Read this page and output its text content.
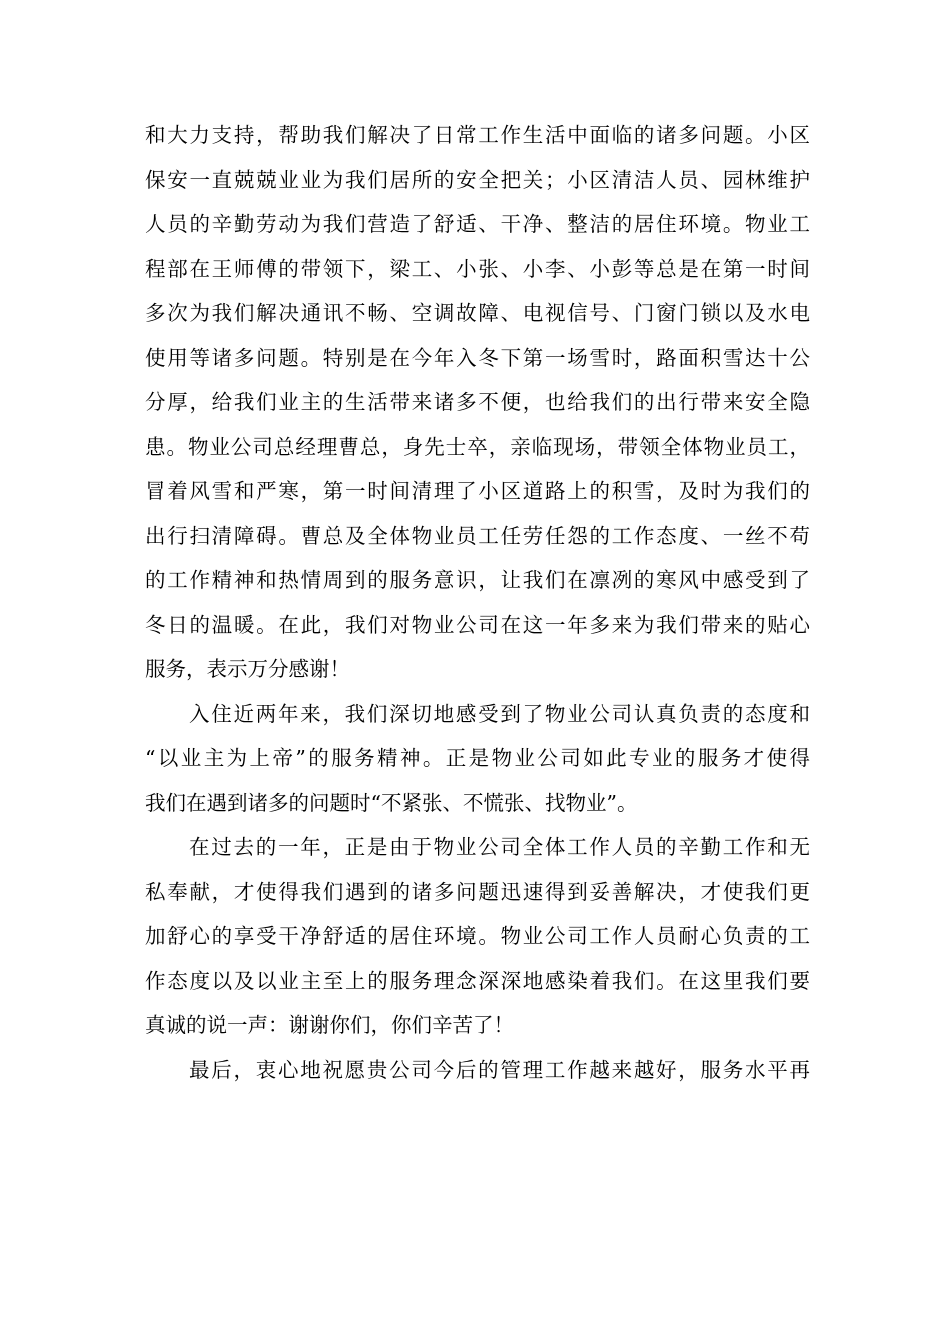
和大力支持，帮助我们解决了日常工作生活中面临的诸多问题。小区
保安一直兢兢业业为我们居所的安全把关；小区清洁人员、园林维护
人员的辛勤劳动为我们营造了舒适、干净、整洁的居住环境。物业工
程部在王师傅的带领下，梁工、小张、小李、小彭等总是在第一时间
多次为我们解决通讯不畅、空调故障、电视信号、门窗门锁以及水电
使用等诸多问题。特别是在今年入冬下第一场雪时，路面积雪达十公
分厚，给我们业主的生活带来诸多不便，也给我们的出行带来安全隐
患。物业公司总经理曹总，身先士卒，亲临现场，带领全体物业员工，
冒着风雪和严寒，第一时间清理了小区道路上的积雪，及时为我们的
出行扫清障碍。曹总及全体物业员工任劳任怨的工作态度、一丝不苟
的工作精神和热情周到的服务意识，让我们在凛冽的寒风中感受到了
冬日的温暖。在此，我们对物业公司在这一年多来为我们带来的贴心
服务，表示万分感谢！
入住近两年来，我们深切地感受到了物业公司认真负责的态度和
“以业主为上帝”的服务精神。正是物业公司如此专业的服务才使得
我们在遇到诸多的问题时“不紧张、不慌张、找物业”。
在过去的一年，正是由于物业公司全体工作人员的辛勤工作和无
私奉献，才使得我们遇到的诸多问题迅速得到妥善解决，才使我们更
加舒心的享受干净舒适的居住环境。物业公司工作人员耐心负责的工
作态度以及以业主至上的服务理念深深地感染着我们。在这里我们要
真诚的说一声：谢谢你们，你们辛苦了！
最后，衷心地祝愿贵公司今后的管理工作越来越好，服务水平再
